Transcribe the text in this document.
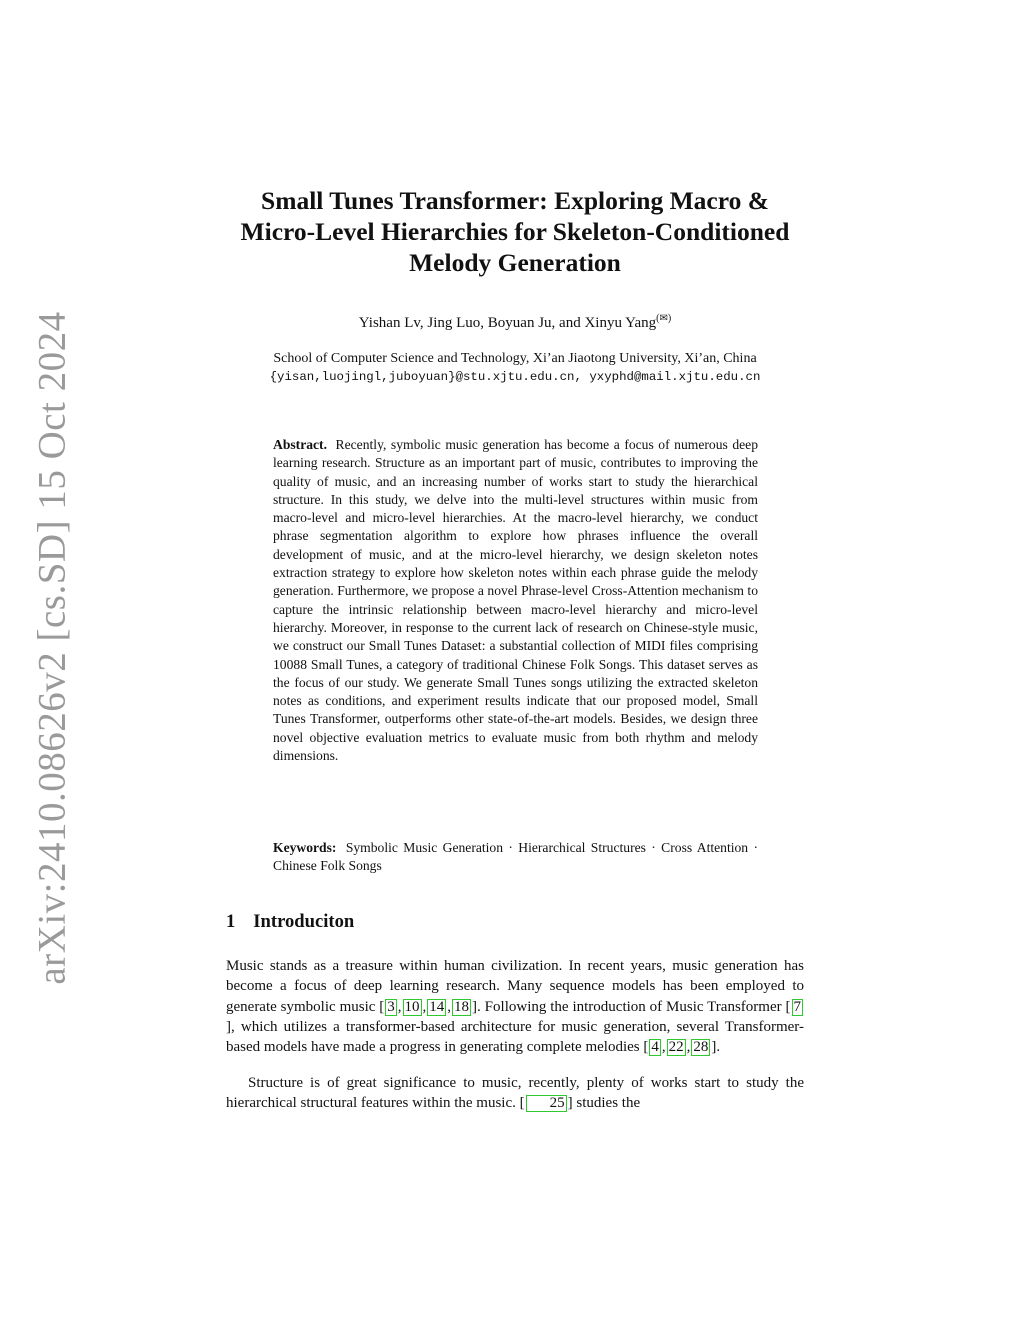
arXiv:2410.08626v2 [cs.SD] 15 Oct 2024
Small Tunes Transformer: Exploring Macro &
Micro-Level Hierarchies for Skeleton-Conditioned
Melody Generation
Yishan Lv, Jing Luo, Boyuan Ju, and Xinyu Yang(✉)
School of Computer Science and Technology, Xi’an Jiaotong University, Xi’an, China
{yisan,luojingl,juboyuan}@stu.xjtu.edu.cn, yxyphd@mail.xjtu.edu.cn

Abstract. Recently, symbolic music generation has become a focus of numerous deep learning research. Structure as an important part of music, contributes to improving the quality of music, and an increasing number of works start to study the hierarchical structure. In this study, we delve into the multi-level structures within music from macro-level and micro-level hierarchies. At the macro-level hierarchy, we conduct phrase segmentation algorithm to explore how phrases influence the overall development of music, and at the micro-level hierarchy, we design skeleton notes extraction strategy to explore how skeleton notes within each phrase guide the melody generation. Furthermore, we propose a novel Phrase-level Cross-Attention mechanism to capture the intrinsic relationship between macro-level hierarchy and micro-level hierarchy. Moreover, in response to the current lack of research on Chinese-style music, we construct our Small Tunes Dataset: a substantial collection of MIDI files comprising 10088 Small Tunes, a category of traditional Chinese Folk Songs. This dataset serves as the focus of our study. We generate Small Tunes songs utilizing the extracted skeleton notes as conditions, and experiment results indicate that our proposed model, Small Tunes Transformer, outperforms other state-of-the-art models. Besides, we design three novel objective evaluation metrics to evaluate music from both rhythm and melody dimensions.

Keywords: Symbolic Music Generation · Hierarchical Structures · Cross Attention · Chinese Folk Songs

1 Introduciton

Music stands as a treasure within human civilization. In recent years, music generation has become a focus of deep learning research. Many sequence models has been employed to generate symbolic music [ 3 , 10 , 14 , 18 ]. Following the introduction of Music Transformer [ 7], which utilizes a transformer-based architecture for music generation, several Transformer-based models have made a progress in generating complete melodies [ 4 , 22 , 28 ].

Structure is of great significance to music, recently, plenty of works start to study the hierarchical structural features within the music. [ 25 ] studies the
